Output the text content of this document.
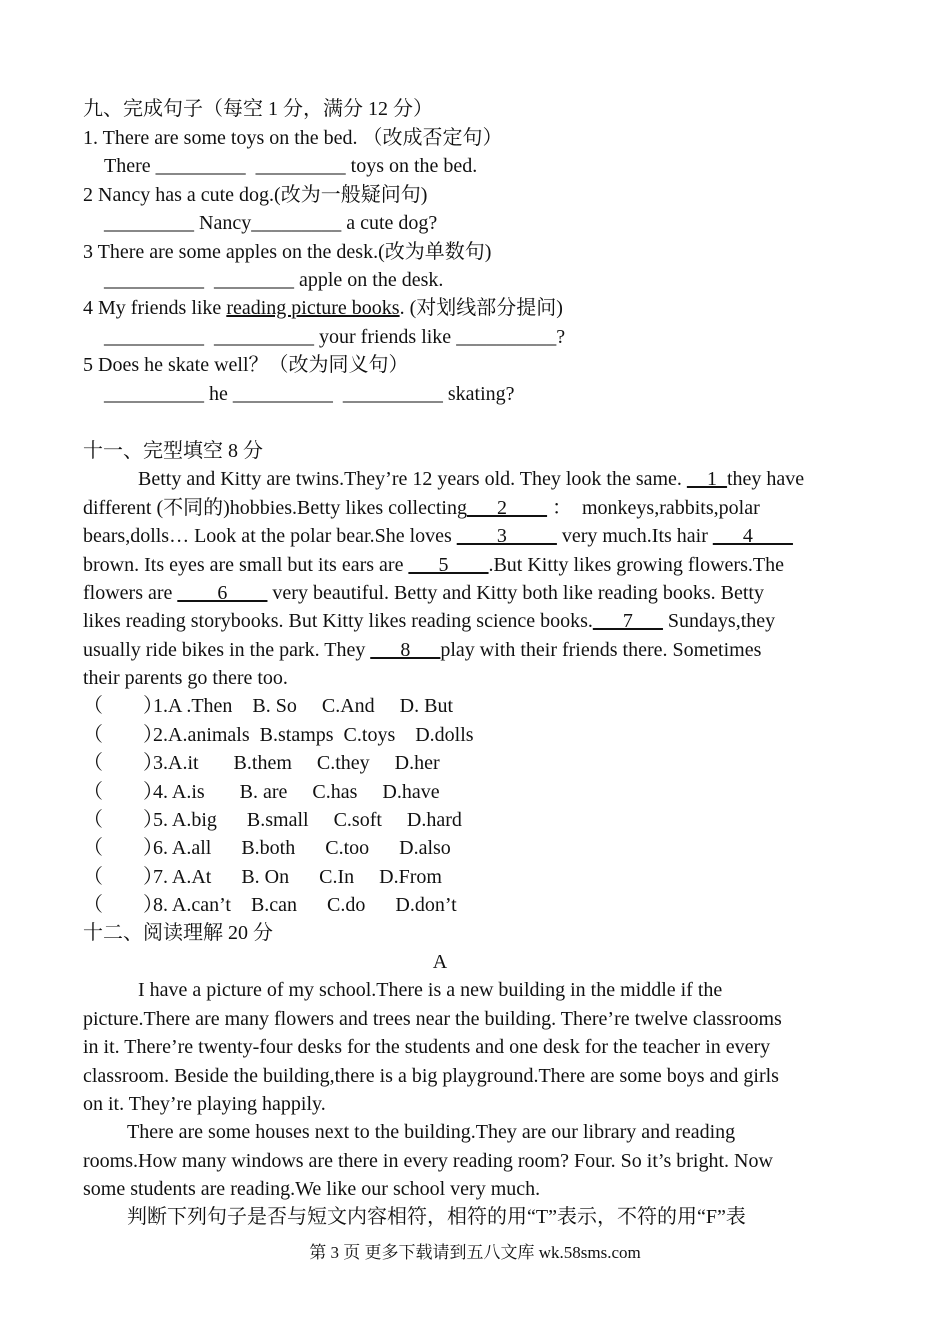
九、完成句子（每空 1 分，满分 12 分）
1. There are some toys on the bed. （改成否定句）
There _________  _________ toys on the bed.
2 Nancy has a cute dog.(改为一般疑问句)
_________ Nancy_________ a cute dog?
3 There are some apples on the desk.(改为单数句)
__________  ________ apple on the desk.
4 My friends like reading picture books. (对划线部分提问)
__________  __________ your friends like __________?
5 Does he skate well？（改为同义句）
__________ he __________  __________ skating?
十一、完型填空 8 分
Betty and Kitty are twins.They’re 12 years old. They look the same. __1_they have
different (不同的)hobbies.Betty likes collecting___2____ ：  monkeys,rabbits,polar
bears,dolls… Look at the polar bear.She loves ____3_____ very much.Its hair ___4____
brown. Its eyes are small but its ears are ___5____.But Kitty likes growing flowers.The
flowers are ____6____ very beautiful. Betty and Kitty both like reading books. Betty
likes reading storybooks. But Kitty likes reading science books.___7___ Sundays,they
usually ride bikes in the park. They ___8___play with their friends there. Sometimes
their parents go there too.
（　　）1.A .Then    B. So     C.And     D. But
（　　）2.A.animals  B.stamps  C.toys    D.dolls
（　　）3.A.it       B.them     C.they     D.her
（　　）4. A.is       B. are     C.has     D.have
（　　）5. A.big      B.small     C.soft     D.hard
（　　）6. A.all      B.both      C.too      D.also
（　　）7. A.At      B. On      C.In     D.From
（　　）8. A.can’t    B.can      C.do      D.don’t
十二、阅读理解 20 分
A
I have a picture of my school.There is a new building in the middle if the
picture.There are many flowers and trees near the building. There’re twelve classrooms
in it. There’re twenty-four desks for the students and one desk for the teacher in every
classroom. Beside the building,there is a big playground.There are some boys and girls
on it. They’re playing happily.
There are some houses next to the building.They are our library and reading
rooms.How many windows are there in every reading room? Four. So it’s bright. Now
some students are reading.We like our school very much.
判断下列句子是否与短文内容相符，相符的用“T”表示，不符的用“F”表
第 3 页 更多下载请到五八文库 wk.58sms.com
